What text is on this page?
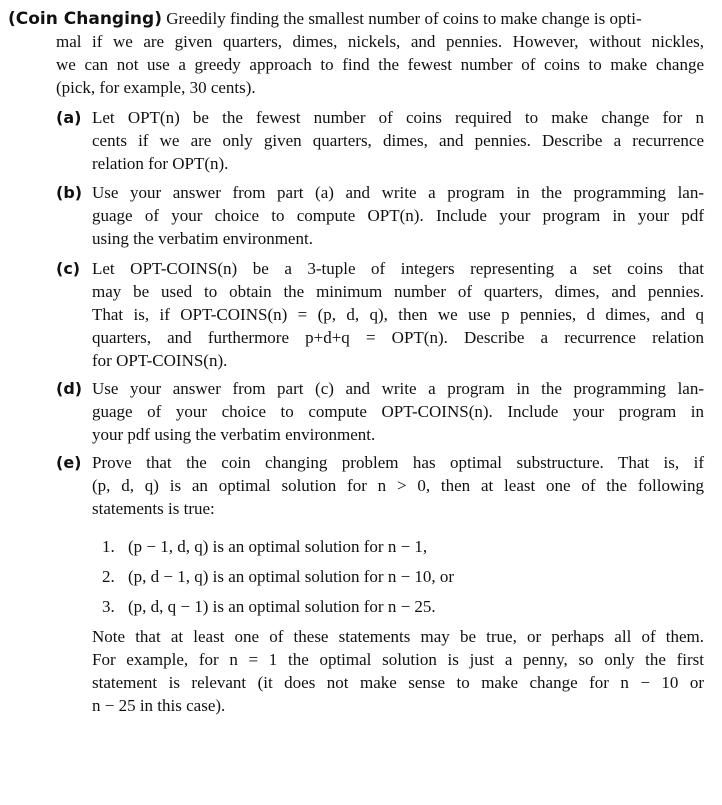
(Coin Changing) Greedily finding the smallest number of coins to make change is opti-
mal if we are given quarters, dimes, nickels, and pennies. However, without nickles,
we can not use a greedy approach to find the fewest number of coins to make change
(pick, for example, 30 cents).
(a) Let OPT(n) be the fewest number of coins required to make change for n
cents if we are only given quarters, dimes, and pennies. Describe a recurrence
relation for OPT(n).
(b) Use your answer from part (a) and write a program in the programming lan-
guage of your choice to compute OPT(n). Include your program in your pdf
using the verbatim environment.
(c) Let OPT-COINS(n) be a 3-tuple of integers representing a set coins that
may be used to obtain the minimum number of quarters, dimes, and pennies.
That is, if OPT-COINS(n) = (p, d, q), then we use p pennies, d dimes, and q
quarters, and furthermore p+d+q = OPT(n). Describe a recurrence relation
for OPT-COINS(n).
(d) Use your answer from part (c) and write a program in the programming lan-
guage of your choice to compute OPT-COINS(n). Include your program in
your pdf using the verbatim environment.
(e) Prove that the coin changing problem has optimal substructure. That is, if
(p, d, q) is an optimal solution for n > 0, then at least one of the following
statements is true:
1. (p − 1, d, q) is an optimal solution for n − 1,
2. (p, d − 1, q) is an optimal solution for n − 10, or
3. (p, d, q − 1) is an optimal solution for n − 25.
Note that at least one of these statements may be true, or perhaps all of them.
For example, for n = 1 the optimal solution is just a penny, so only the first
statement is relevant (it does not make sense to make change for n − 10 or
n − 25 in this case).
